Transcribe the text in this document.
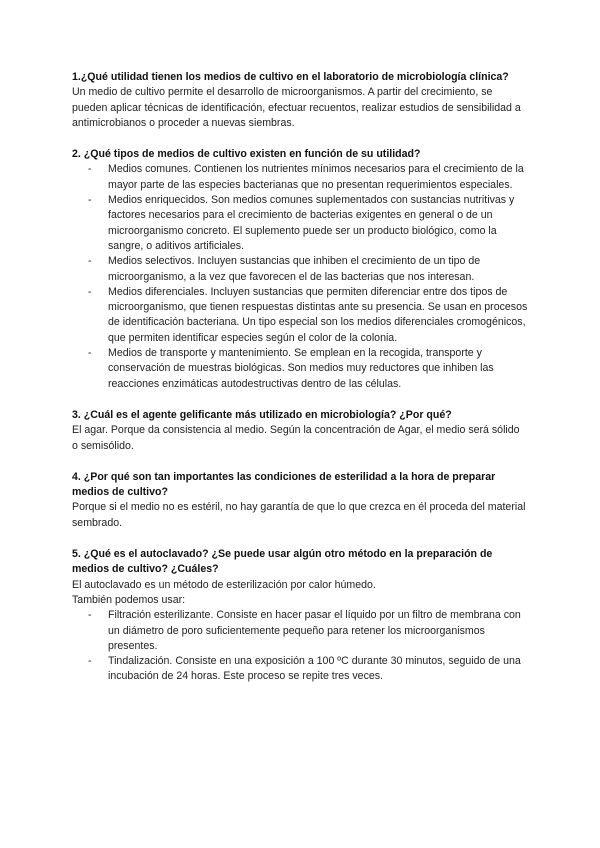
1.¿Qué utilidad tienen los medios de cultivo en el laboratorio de microbiología clínica?

Un medio de cultivo permite el desarrollo de microorganismos. A partir del crecimiento, se pueden aplicar técnicas de identificación, efectuar recuentos, realizar estudios de sensibilidad a antimicrobianos o proceder a nuevas siembras.

2. ¿Qué tipos de medios de cultivo existen en función de su utilidad?

- Medios comunes. Contienen los nutrientes mínimos necesarios para el crecimiento de la mayor parte de las especies bacterianas que no presentan requerimientos especiales.
- Medios enriquecidos. Son medios comunes suplementados con sustancias nutritivas y factores necesarios para el crecimiento de bacterias exigentes en general o de un microorganismo concreto. El suplemento puede ser un producto biológico, como la sangre, o aditivos artificiales.
- Medios selectivos. Incluyen sustancias que inhiben el crecimiento de un tipo de microorganismo, a la vez que favorecen el de las bacterias que nos interesan.
- Medios diferenciales. Incluyen sustancias que permiten diferenciar entre dos tipos de microorganismo, que tienen respuestas distintas ante su presencia. Se usan en procesos de identificación bacteriana. Un tipo especial son los medios diferenciales cromogénicos, que permiten identificar especies según el color de la colonia.
- Medios de transporte y mantenimiento. Se emplean en la recogida, transporte y conservación de muestras biológicas. Son medios muy reductores que inhiben las reacciones enzimáticas autodestructivas dentro de las células.

3. ¿Cuál es el agente gelificante más utilizado en microbiología? ¿Por qué?

El agar. Porque da consistencia al medio. Según la concentración de Agar, el medio será sólido o semisólido.

4. ¿Por qué son tan importantes las condiciones de esterilidad a la hora de preparar medios de cultivo?

Porque si el medio no es estéril, no hay garantía de que lo que crezca en él proceda del material sembrado.

5. ¿Qué es el autoclavado? ¿Se puede usar algún otro método en la preparación de medios de cultivo? ¿Cuáles?

El autoclavado es un método de esterilización por calor húmedo.

También podemos usar:

- Filtración esterilizante. Consiste en hacer pasar el líquido por un filtro de membrana con un diámetro de poro suficientemente pequeño para retener los microorganismos presentes.
- Tindalización. Consiste en una exposición a 100 ºC durante 30 minutos, seguido de una incubación de 24 horas. Este proceso se repite tres veces.
